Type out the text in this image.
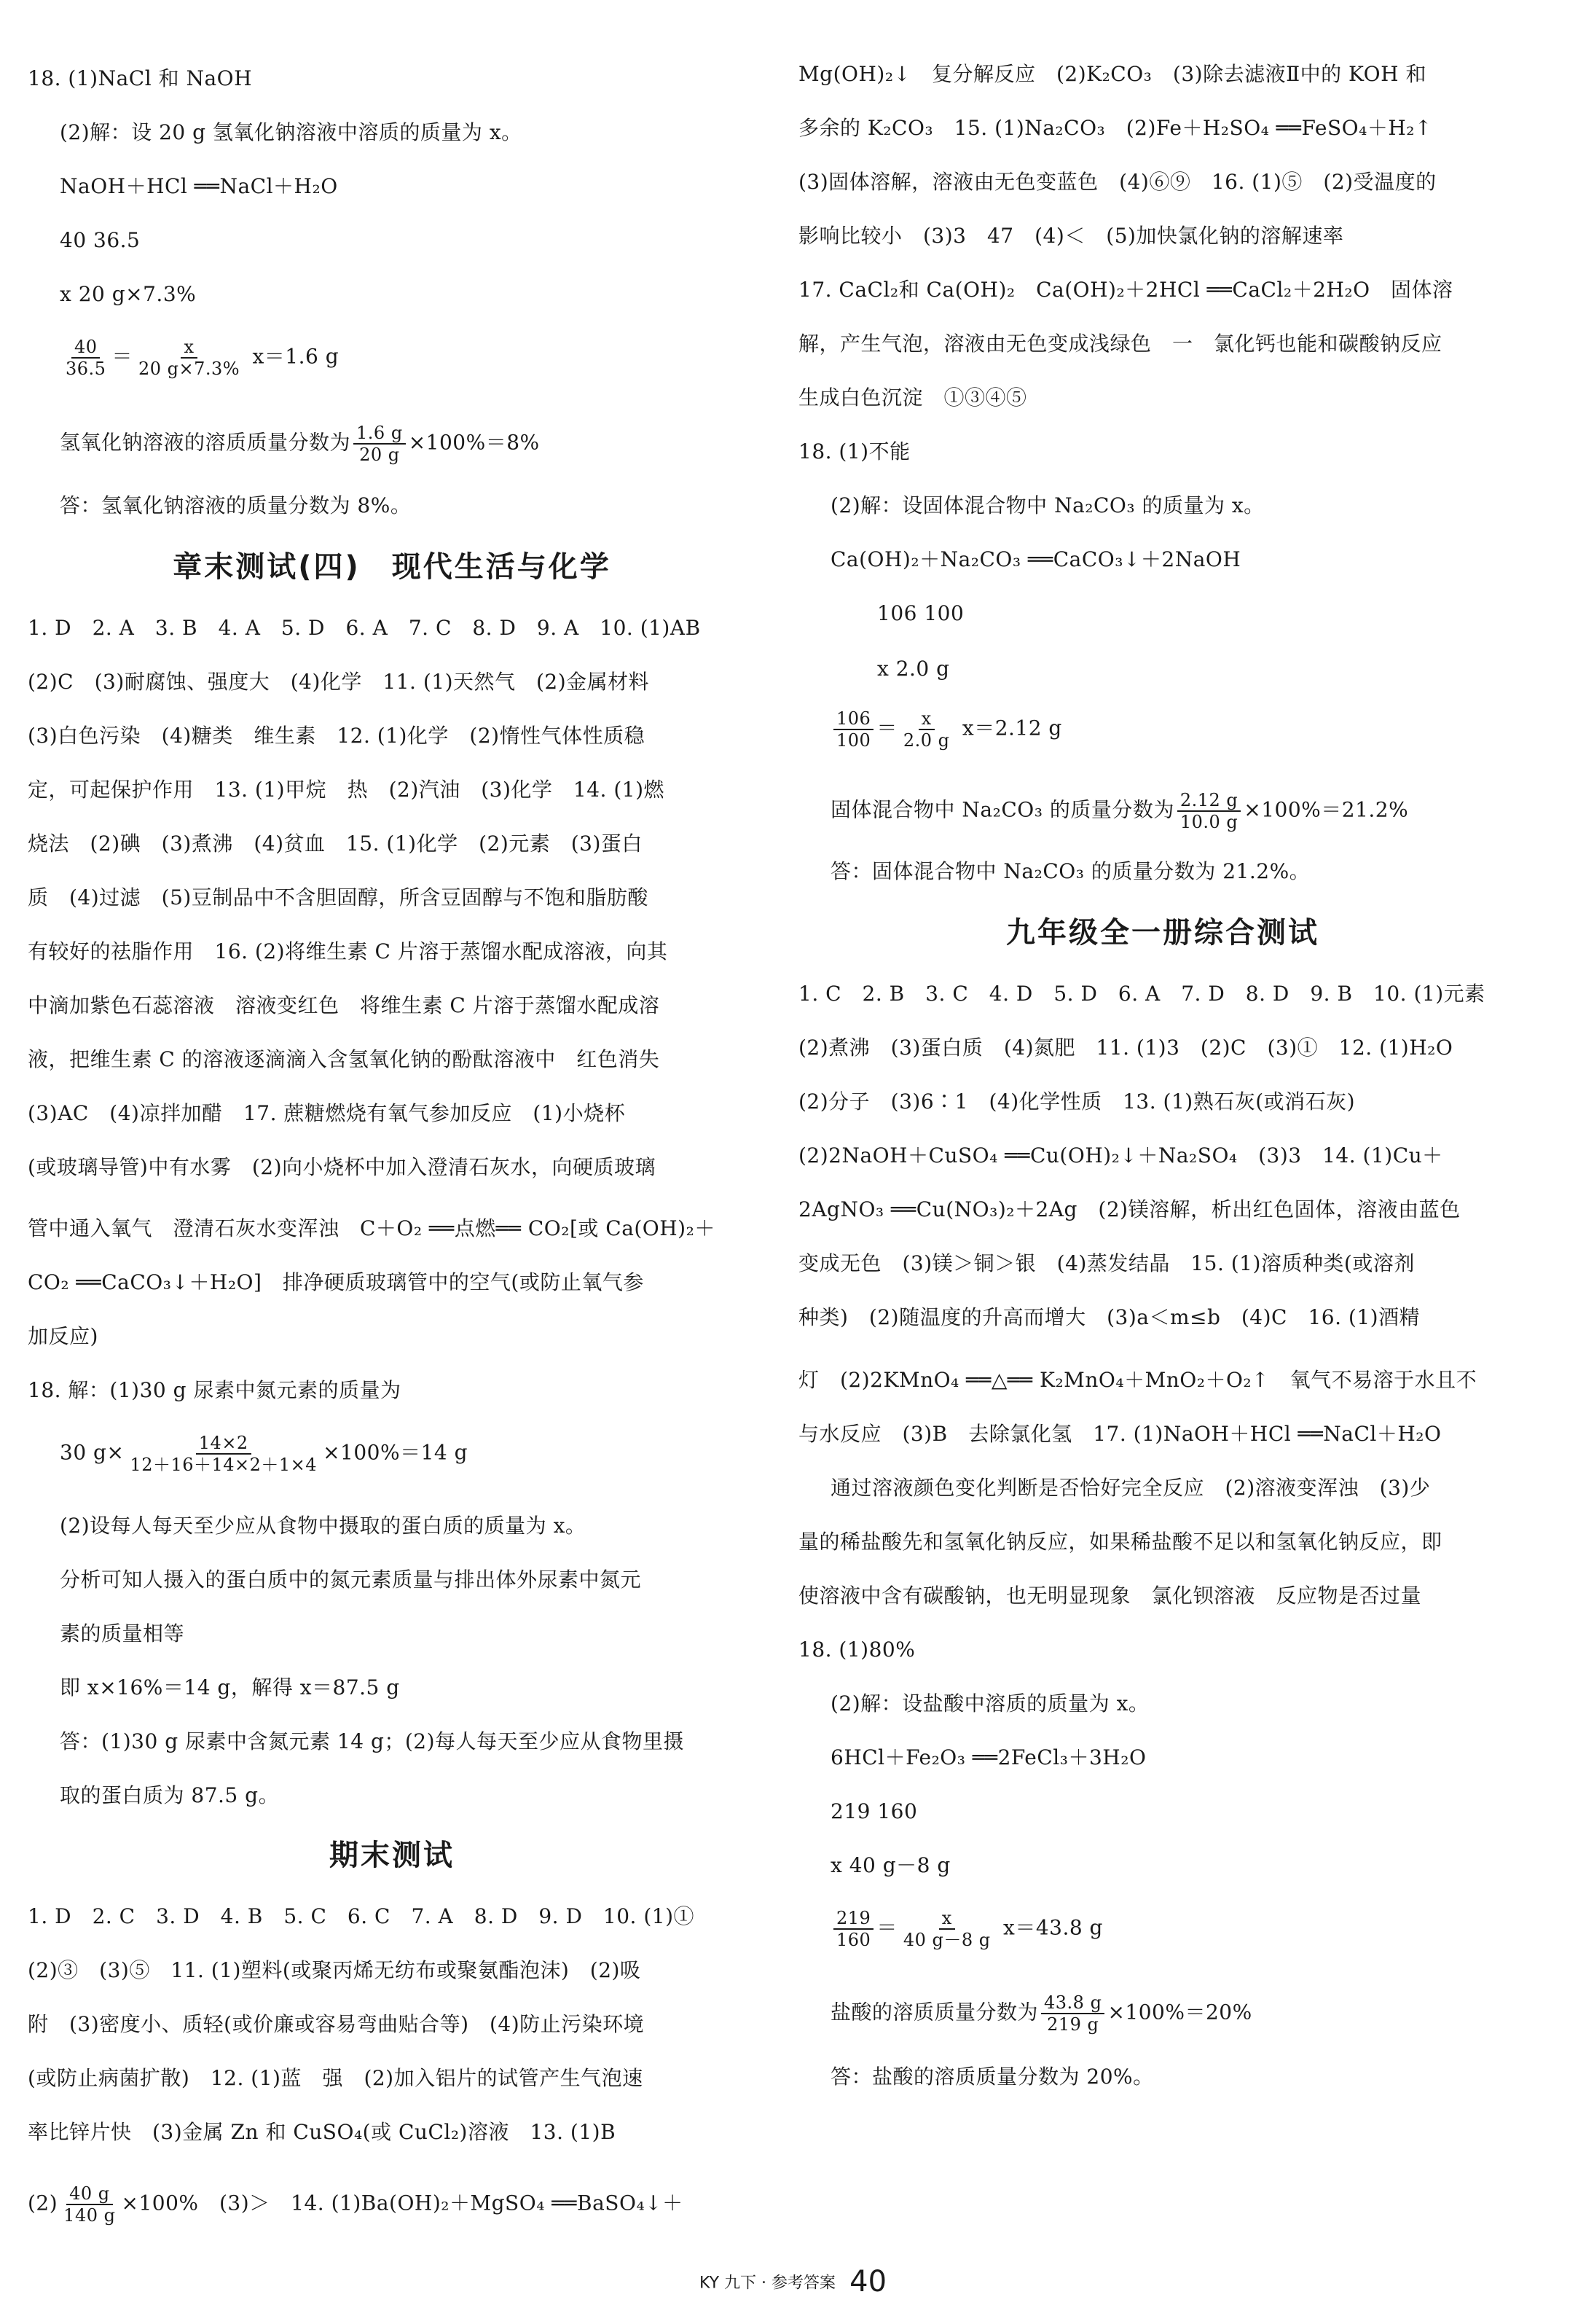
18. (1)NaCl 和 NaOH
(2)解：设 20 g 氢氧化钠溶液中溶质的质量为 x。
NaOH＋HCl ══NaCl＋H₂O
40 36.5
x 20 g×7.3%
$\frac{40}{36.5} = \frac{x}{20 g\times 7.3\%} x=1.6$ g
氢氧化钠溶液的溶质质量分数为 $\frac{1.6 g}{20 g} \times 100\%=8\%$
答：氢氧化钠溶液的质量分数为 8%。
章末测试(四)　现代生活与化学
1. D　2. A　3. B　4. A　5. D　6. A　7. C　8. D　9. A　10. (1)AB
(2)C　(3)耐腐蚀、强度大　(4)化学　11. (1)天然气　(2)金属材料
(3)白色污染　(4)糖类　维生素　12. (1)化学　(2)惰性气体性质稳
定，可起保护作用　13. (1)甲烷　热　(2)汽油　(3)化学　14. (1)燃
烧法　(2)碘　(3)煮沸　(4)贫血　15. (1)化学　(2)元素　(3)蛋白
质　(4)过滤　(5)豆制品中不含胆固醇，所含豆固醇与不饱和脂肪酸
有较好的祛脂作用　16. (2)将维生素 C 片溶于蒸馏水配成溶液，向其
中滴加紫色石蕊溶液　溶液变红色　将维生素 C 片溶于蒸馏水配成溶
液，把维生素 C 的溶液逐滴滴入含氢氧化钠的酚酞溶液中　红色消失
(3)AC　(4)凉拌加醋　17. 蔗糖燃烧有氧气参加反应　(1)小烧杯
(或玻璃导管)中有水雾　(2)向小烧杯中加入澄清石灰水，向硬质玻璃
管中通入氧气　澄清石灰水变浑浊　C＋O₂ ══点燃══ CO₂[或 Ca(OH)₂＋
CO₂ ══CaCO₃↓＋H₂O]　排净硬质玻璃管中的空气(或防止氧气参
加反应)
18. 解：(1)30 g 尿素中氮元素的质量为
30 $g\times \frac{14\times 2}{12+16+14\times 2+1\times 4} \times 100\%=14$ g
(2)设每人每天至少应从食物中摄取的蛋白质的质量为 x。
分析可知人摄入的蛋白质中的氮元素质量与排出体外尿素中氮元
素的质量相等
即 x×16%＝14 g，解得 x＝87.5 g
答：(1)30 g 尿素中含氮元素 14 g；(2)每人每天至少应从食物里摄
取的蛋白质为 87.5 g。
期末测试
1. D　2. C　3. D　4. B　5. C　6. C　7. A　8. D　9. D　10. (1)①
(2)③　(3)⑤　11. (1)塑料(或聚丙烯无纺布或聚氨酯泡沫)　(2)吸
附　(3)密度小、质轻(或价廉或容易弯曲贴合等)　(4)防止污染环境
(或防止病菌扩散)　12. (1)蓝　强　(2)加入铝片的试管产生气泡速
率比锌片快　(3)金属 Zn 和 CuSO₄(或 CuCl₂)溶液　13. (1)B
$(2) \frac{40 g}{140 g} \times 100\%$　(3)＞　14. (1)Ba(OH)₂＋MgSO₄ ══BaSO₄↓＋
Mg(OH)₂↓　复分解反应　(2)K₂CO₃　(3)除去滤液Ⅱ中的 KOH 和
多余的 K₂CO₃　15. (1)Na₂CO₃　(2)Fe＋H₂SO₄ ══FeSO₄＋H₂↑
(3)固体溶解，溶液由无色变蓝色　(4)⑥⑨　16. (1)⑤　(2)受温度的
影响比较小　(3)3　47　(4)＜　(5)加快氯化钠的溶解速率
17. CaCl₂和 Ca(OH)₂　Ca(OH)₂＋2HCl ══CaCl₂＋2H₂O　固体溶
解，产生气泡，溶液由无色变成浅绿色　一　氯化钙也能和碳酸钠反应
生成白色沉淀　①③④⑤
18. (1)不能
(2)解：设固体混合物中 Na₂CO₃ 的质量为 x。
Ca(OH)₂＋Na₂CO₃ ══CaCO₃↓＋2NaOH
106 100
x 2.0 g
$\frac{106}{100} = \frac{x}{2.0 g} x=2.12$ g
固体混合物中 Na₂CO₃ 的质量分数为 $\frac{2.12 g}{10.0 g} \times 100\%=21.2\%$
答：固体混合物中 Na₂CO₃ 的质量分数为 21.2%。
九年级全一册综合测试
1. C　2. B　3. C　4. D　5. D　6. A　7. D　8. D　9. B　10. (1)元素
(2)煮沸　(3)蛋白质　(4)氮肥　11. (1)3　(2)C　(3)①　12. (1)H₂O
(2)分子　(3)6∶1　(4)化学性质　13. (1)熟石灰(或消石灰)
(2)2NaOH＋CuSO₄ ══Cu(OH)₂↓＋Na₂SO₄　(3)3　14. (1)Cu＋
2AgNO₃ ══Cu(NO₃)₂＋2Ag　(2)镁溶解，析出红色固体，溶液由蓝色
变成无色　(3)镁＞铜＞银　(4)蒸发结晶　15. (1)溶质种类(或溶剂
种类)　(2)随温度的升高而增大　(3)a＜m≤b　(4)C　16. (1)酒精
灯　(2)2KMnO₄ ══△══ K₂MnO₄＋MnO₂＋O₂↑　氧气不易溶于水且不
与水反应　(3)B　去除氯化氢　17. (1)NaOH＋HCl ══NaCl＋H₂O
通过溶液颜色变化判断是否恰好完全反应　(2)溶液变浑浊　(3)少
量的稀盐酸先和氢氧化钠反应，如果稀盐酸不足以和氢氧化钠反应，即
使溶液中含有碳酸钠，也无明显现象　氯化钡溶液　反应物是否过量
18. (1)80%
(2)解：设盐酸中溶质的质量为 x。
6HCl＋Fe₂O₃ ══2FeCl₃＋3H₂O
219 160
x 40 g－8 g
$\frac{219}{160} = \frac{x}{40 g-8 g} x=43.8$ g
盐酸的溶质质量分数为 $\frac{43.8 g}{219 g} \times 100\%=20\%$
答：盐酸的溶质质量分数为 20%。
KY 九下 · 参考答案 40
